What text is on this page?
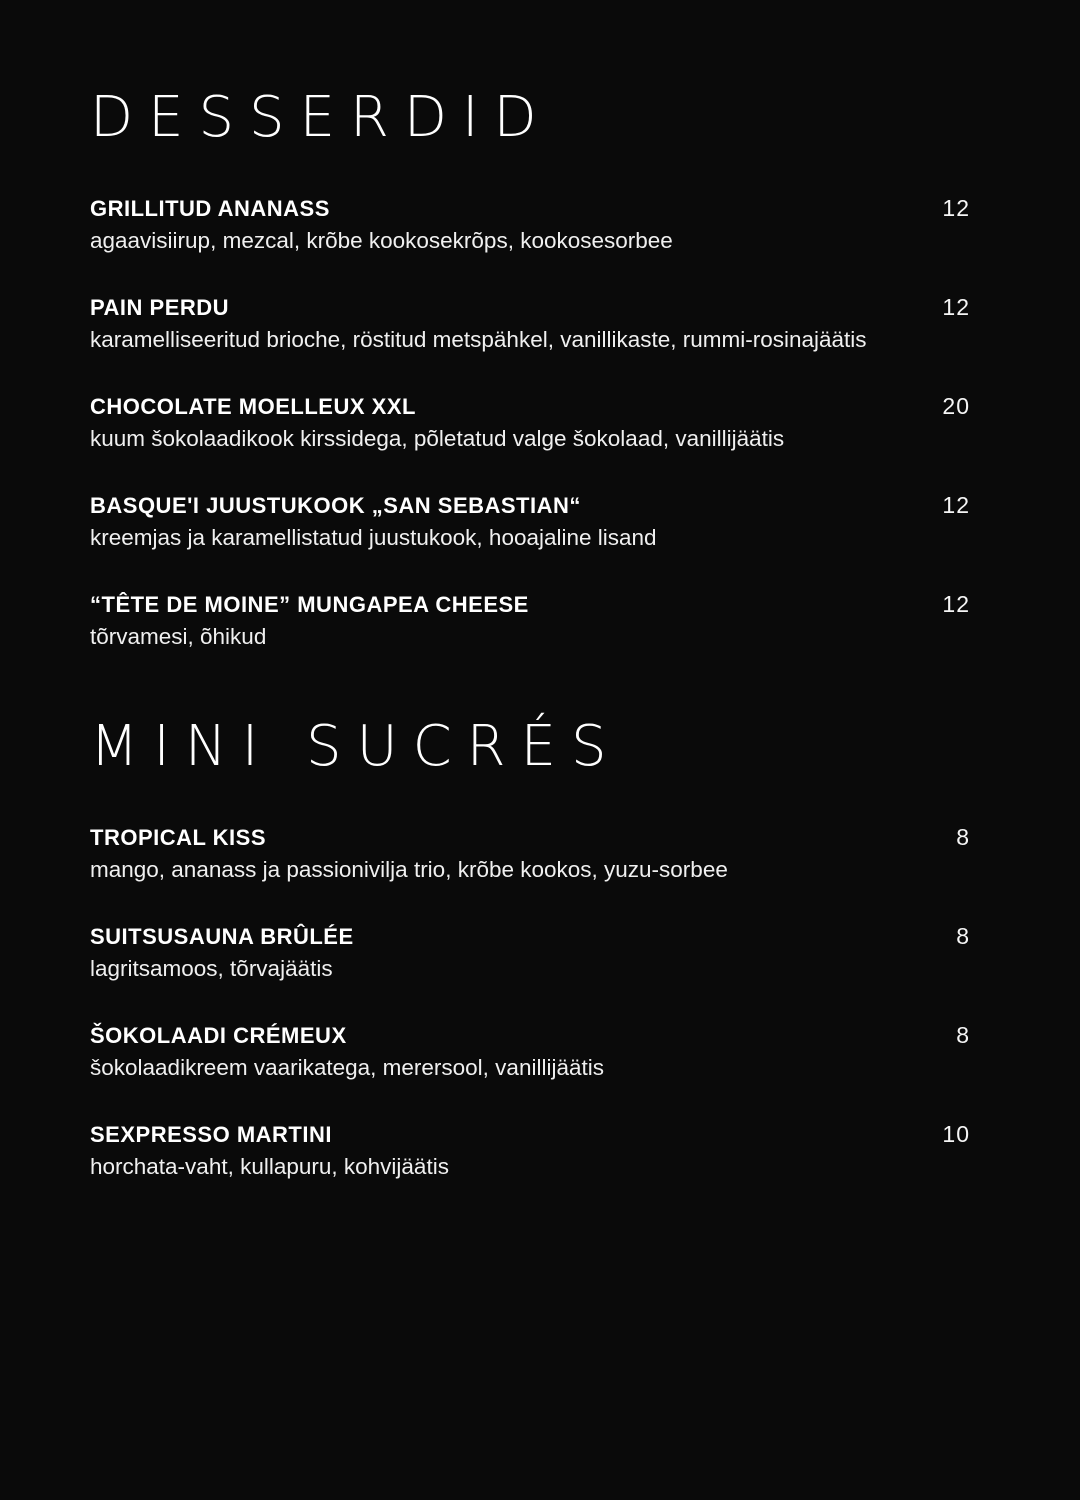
DESSERDID
GRILLITUD ANANASS	12
agaavisiirup, mezcal, krõbe kookosekrõps, kookosesorbee
PAIN PERDU	12
karamelliseeritud brioche, röstitud metspähkel, vanillikaste, rummi-rosinajäätis
CHOCOLATE MOELLEUX XXL	20
kuum šokolaadikook kirssidega, põletatud valge šokolaad, vanillijäätis
BASQUE'I JUUSTUKOOK „SAN SEBASTIAN“	12
kreemjas ja karamellistatud juustukook, hooajaline lisand
“TÊTE DE MOINE” MUNGAPEA CHEESE	12
tõrvamesi, õhikud
MINI SUCRÉS
TROPICAL KISS	8
mango, ananass ja passionivilja trio, krõbe kookos, yuzu-sorbee
SUITSUSAUNA BRÛLÉE	8
lagritsamoos, tõrvajäätis
ŠOKOLAADI CRÉMEUX	8
šokolaadikreem vaarikatega, merersool, vanillijäätis
SEXPRESSO MARTINI	10
horchata-vaht, kullapuru, kohvijäätis
